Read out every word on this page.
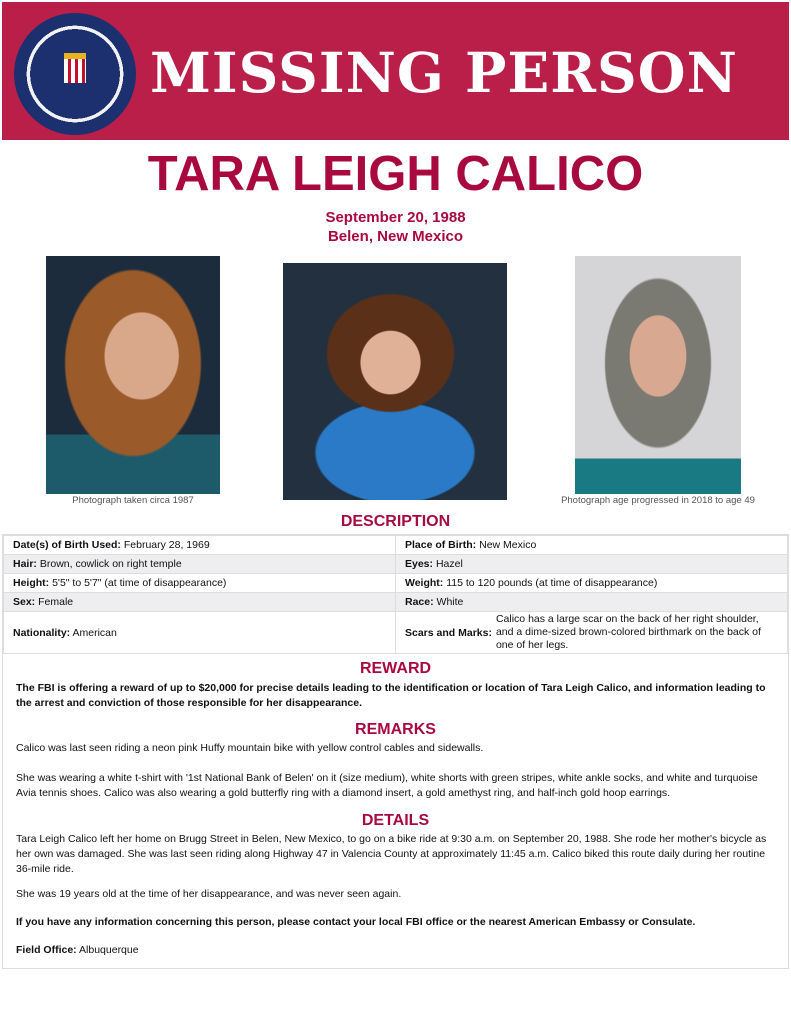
MISSING PERSON
TARA LEIGH CALICO
September 20, 1988
Belen, New Mexico
Photograph taken circa 1987	Photograph age progressed in 2018 to age 49
DESCRIPTION
Date(s) of Birth Used: February 28, 1969	Place of Birth: New Mexico
Hair: Brown, cowlick on right temple	Eyes: Hazel
Height: 5'5" to 5'7" (at time of disappearance)	Weight: 115 to 120 pounds (at time of disappearance)
Sex: Female	Race: White
Nationality: American	Scars and Marks:
Calico has a large scar on the back of her right shoulder, and a dime-sized brown-colored birthmark on the back of one of her legs.
REWARD
The FBI is offering a reward of up to $20,000 for precise details leading to the identification or location of Tara Leigh Calico, and information leading to the arrest and conviction of those responsible for her disappearance.
REMARKS
Calico was last seen riding a neon pink Huffy mountain bike with yellow control cables and sidewalls.
She was wearing a white t-shirt with '1st National Bank of Belen' on it (size medium), white shorts with green stripes, white ankle socks, and white and turquoise Avia tennis shoes. Calico was also wearing a gold butterfly ring with a diamond insert, a gold amethyst ring, and half-inch gold hoop earrings.
DETAILS
Tara Leigh Calico left her home on Brugg Street in Belen, New Mexico, to go on a bike ride at 9:30 a.m. on September 20, 1988. She rode her mother's bicycle as her own was damaged. She was last seen riding along Highway 47 in Valencia County at approximately 11:45 a.m. Calico biked this route daily during her routine 36-mile ride.
She was 19 years old at the time of her disappearance, and was never seen again.
If you have any information concerning this person, please contact your local FBI office or the nearest American Embassy or Consulate.
Field Office: Albuquerque
